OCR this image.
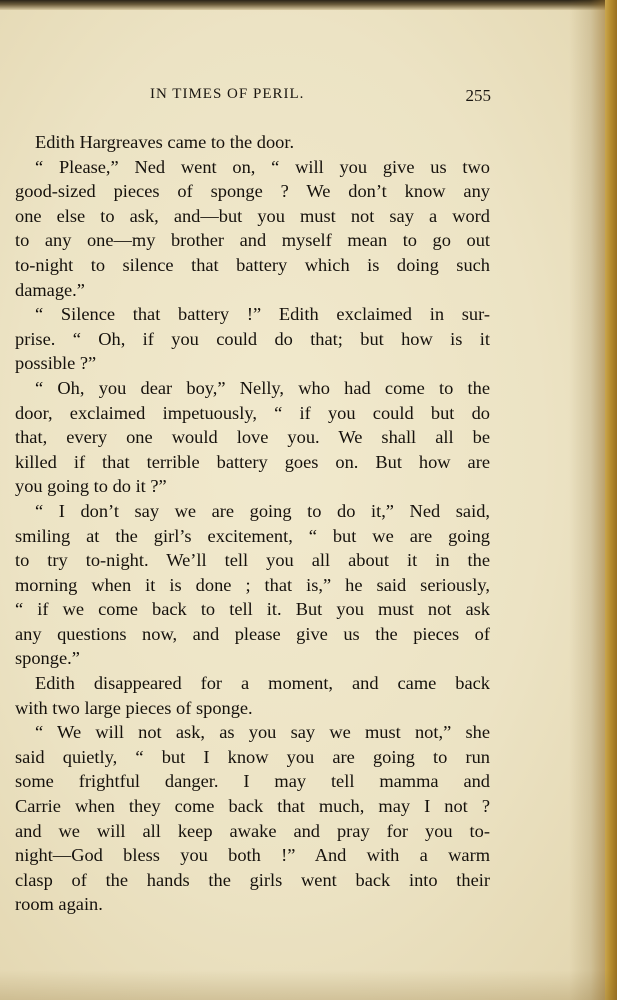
IN TIMES OF PERIL.	255
Edith Hargreaves came to the door.
“ Please,” Ned went on, “ will you give us two
good-sized pieces of sponge ? We don’t know any
one else to ask, and—but you must not say a word
to any one—my brother and myself mean to go out
to-night to silence that battery which is doing such
damage.”
“ Silence that battery !” Edith exclaimed in sur-
prise. “ Oh, if you could do that; but how is it
possible ?”
“ Oh, you dear boy,” Nelly, who had come to the
door, exclaimed impetuously, “ if you could but do
that, every one would love you. We shall all be
killed if that terrible battery goes on. But how are
you going to do it ?”
“ I don’t say we are going to do it,” Ned said,
smiling at the girl’s excitement, “ but we are going
to try to-night. We’ll tell you all about it in the
morning when it is done ; that is,” he said seriously,
“ if we come back to tell it. But you must not ask
any questions now, and please give us the pieces of
sponge.”
Edith disappeared for a moment, and came back
with two large pieces of sponge.
“ We will not ask, as you say we must not,” she
said quietly, “ but I know you are going to run
some frightful danger. I may tell mamma and
Carrie when they come back that much, may I not ?
and we will all keep awake and pray for you to-
night—God bless you both !” And with a warm
clasp of the hands the girls went back into their
room again.
